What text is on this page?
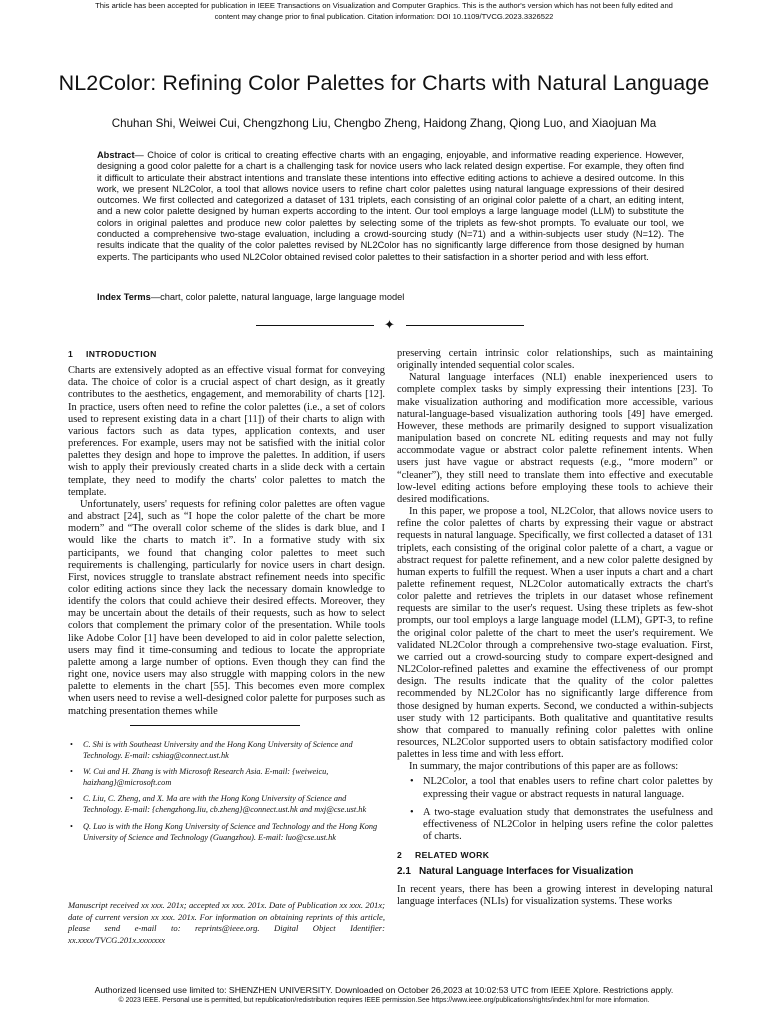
This article has been accepted for publication in IEEE Transactions on Visualization and Computer Graphics. This is the author's version which has not been fully edited and
content may change prior to final publication. Citation information: DOI 10.1109/TVCG.2023.3326522
NL2Color: Refining Color Palettes for Charts with Natural Language
Chuhan Shi, Weiwei Cui, Chengzhong Liu, Chengbo Zheng, Haidong Zhang, Qiong Luo, and Xiaojuan Ma
Abstract— Choice of color is critical to creating effective charts with an engaging, enjoyable, and informative reading experience. However, designing a good color palette for a chart is a challenging task for novice users who lack related design expertise. For example, they often find it difficult to articulate their abstract intentions and translate these intentions into effective editing actions to achieve a desired outcome. In this work, we present NL2Color, a tool that allows novice users to refine chart color palettes using natural language expressions of their desired outcomes. We first collected and categorized a dataset of 131 triplets, each consisting of an original color palette of a chart, an editing intent, and a new color palette designed by human experts according to the intent. Our tool employs a large language model (LLM) to substitute the colors in original palettes and produce new color palettes by selecting some of the triplets as few-shot prompts. To evaluate our tool, we conducted a comprehensive two-stage evaluation, including a crowd-sourcing study (N=71) and a within-subjects user study (N=12). The results indicate that the quality of the color palettes revised by NL2Color has no significantly large difference from those designed by human experts. The participants who used NL2Color obtained revised color palettes to their satisfaction in a shorter period and with less effort.
Index Terms—chart, color palette, natural language, large language model
✦
1 INTRODUCTION

Charts are extensively adopted as an effective visual format for conveying data. The choice of color is a crucial aspect of chart design, as it greatly contributes to the aesthetics, engagement, and memorability of charts [12]. In practice, users often need to refine the color palettes (i.e., a set of colors used to represent existing data in a chart [11]) of their charts to align with various factors such as data types, application contexts, and user preferences. For example, users may not be satisfied with the initial color palettes they design and hope to improve the palettes. In addition, if users wish to apply their previously created charts in a slide deck with a certain template, they need to modify the charts' color palettes to match the template.

Unfortunately, users' requests for refining color palettes are often vague and abstract [24], such as “I hope the color palette of the chart be more modern” and “The overall color scheme of the slides is dark blue, and I would like the charts to match it”. In a formative study with six participants, we found that changing color palettes to meet such requirements is challenging, particularly for novice users in chart design. First, novices struggle to translate abstract refinement needs into specific color editing actions since they lack the necessary domain knowledge to identify the colors that could achieve their desired effects. Moreover, they may be uncertain about the details of their requests, such as how to select colors that complement the primary color of the presentation. While tools like Adobe Color [1] have been developed to aid in color palette selection, users may find it time-consuming and tedious to locate the appropriate palette among a large number of options. Even though they can find the right one, novice users may also struggle with mapping colors in the new palette to elements in the chart [55]. This becomes even more complex when users need to revise a well-designed color palette for purposes such as matching presentation themes while

• C. Shi is with Southeast University and the Hong Kong University of Science and Technology. E-mail: cshiag@connect.ust.hk
• W. Cui and H. Zhang is with Microsoft Research Asia. E-mail: {weiweicu, haizhang}@microsoft.com
• C. Liu, C. Zheng, and X. Ma are with the Hong Kong University of Science and Technology. E-mail: {chengzhong.liu, cb.zheng}@connect.ust.hk and mxj@cse.ust.hk
• Q. Luo is with the Hong Kong University of Science and Technology and the Hong Kong University of Science and Technology (Guangzhou). E-mail: luo@cse.ust.hk
Manuscript received xx xxx. 201x; accepted xx xxx. 201x. Date of Publication xx xxx. 201x; date of current version xx xxx. 201x. For information on obtaining reprints of this article, please send e-mail to: reprints@ieee.org. Digital Object Identifier: xx.xxxx/TVCG.201x.xxxxxxx

preserving certain intrinsic color relationships, such as maintaining originally intended sequential color scales.

Natural language interfaces (NLI) enable inexperienced users to complete complex tasks by simply expressing their intentions [23]. To make visualization authoring and modification more accessible, various natural-language-based visualization authoring tools [49] have emerged. However, these methods are primarily designed to support visualization manipulation based on concrete NL editing requests and may not fully accommodate vague or abstract color palette refinement intents. When users just have vague or abstract requests (e.g., “more modern” or “cleaner”), they still need to translate them into effective and executable low-level editing actions before employing these tools to achieve their desired modifications.

In this paper, we propose a tool, NL2Color, that allows novice users to refine the color palettes of charts by expressing their vague or abstract requests in natural language. Specifically, we first collected a dataset of 131 triplets, each consisting of the original color palette of a chart, a vague or abstract request for palette refinement, and a new color palette designed by human experts to fulfill the request. When a user inputs a chart and a chart palette refinement request, NL2Color automatically extracts the chart's color palette and retrieves the triplets in our dataset whose refinement requests are similar to the user's request. Using these triplets as few-shot prompts, our tool employs a large language model (LLM), GPT-3, to refine the original color palette of the chart to meet the user's requirement. We validated NL2Color through a comprehensive two-stage evaluation. First, we carried out a crowd-sourcing study to compare expert-designed and NL2Color-refined palettes and examine the effectiveness of our prompt design. The results indicate that the quality of the color palettes recommended by NL2Color has no significantly large difference from those designed by human experts. Second, we conducted a within-subjects user study with 12 participants. Both qualitative and quantitative results show that compared to manually refining color palettes with online resources, NL2Color supported users to obtain satisfactory modified color palettes in less time and with less effort.

In summary, the major contributions of this paper are as follows:

• NL2Color, a tool that enables users to refine chart color palettes by expressing their vague or abstract requests in natural language.
• A two-stage evaluation study that demonstrates the usefulness and effectiveness of NL2Color in helping users refine the color palettes of charts.
2 RELATED WORK
2.1 Natural Language Interfaces for Visualization

In recent years, there has been a growing interest in developing natural language interfaces (NLIs) for visualization systems. These works

Authorized licensed use limited to: SHENZHEN UNIVERSITY. Downloaded on October 26,2023 at 10:02:53 UTC from IEEE Xplore. Restrictions apply.
© 2023 IEEE. Personal use is permitted, but republication/redistribution requires IEEE permission.See https://www.ieee.org/publications/rights/index.html for more information.
